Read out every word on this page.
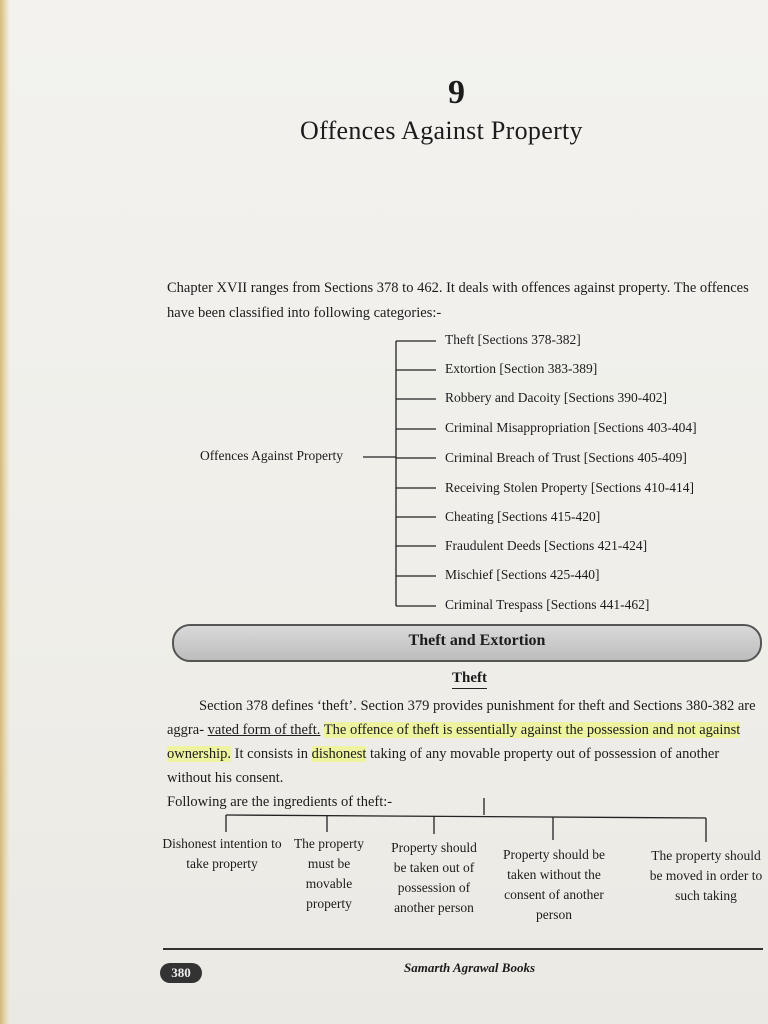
9
Offences Against Property
Chapter XVII ranges from Sections 378 to 462. It deals with offences against property. The offences
have been classified into following categories:-
Offences Against Property
Theft [Sections 378-382]
Extortion [Section 383-389]
Robbery and Dacoity [Sections 390-402]
Criminal Misappropriation [Sections 403-404]
Criminal Breach of Trust [Sections 405-409]
Receiving Stolen Property [Sections 410-414]
Cheating [Sections 415-420]
Fraudulent Deeds [Sections 421-424]
Mischief [Sections 425-440]
Criminal Trespass [Sections 441-462]
Theft and Extortion
Theft
Section 378 defines ‘theft’. Section 379 provides punishment for theft and Sections 380-382 are aggra- vated form of theft. The offence of theft is essentially against the possession and not against ownership. It consists in dishonest taking of any movable property out of possession of another without his consent.
Following are the ingredients of theft:-
Dishonest intention to take property
The property must be movable property
Property should be taken out of possession of another person
Property should be taken without the consent of another person
The property should be moved in order to such taking
380	Samarth Agrawal Books
